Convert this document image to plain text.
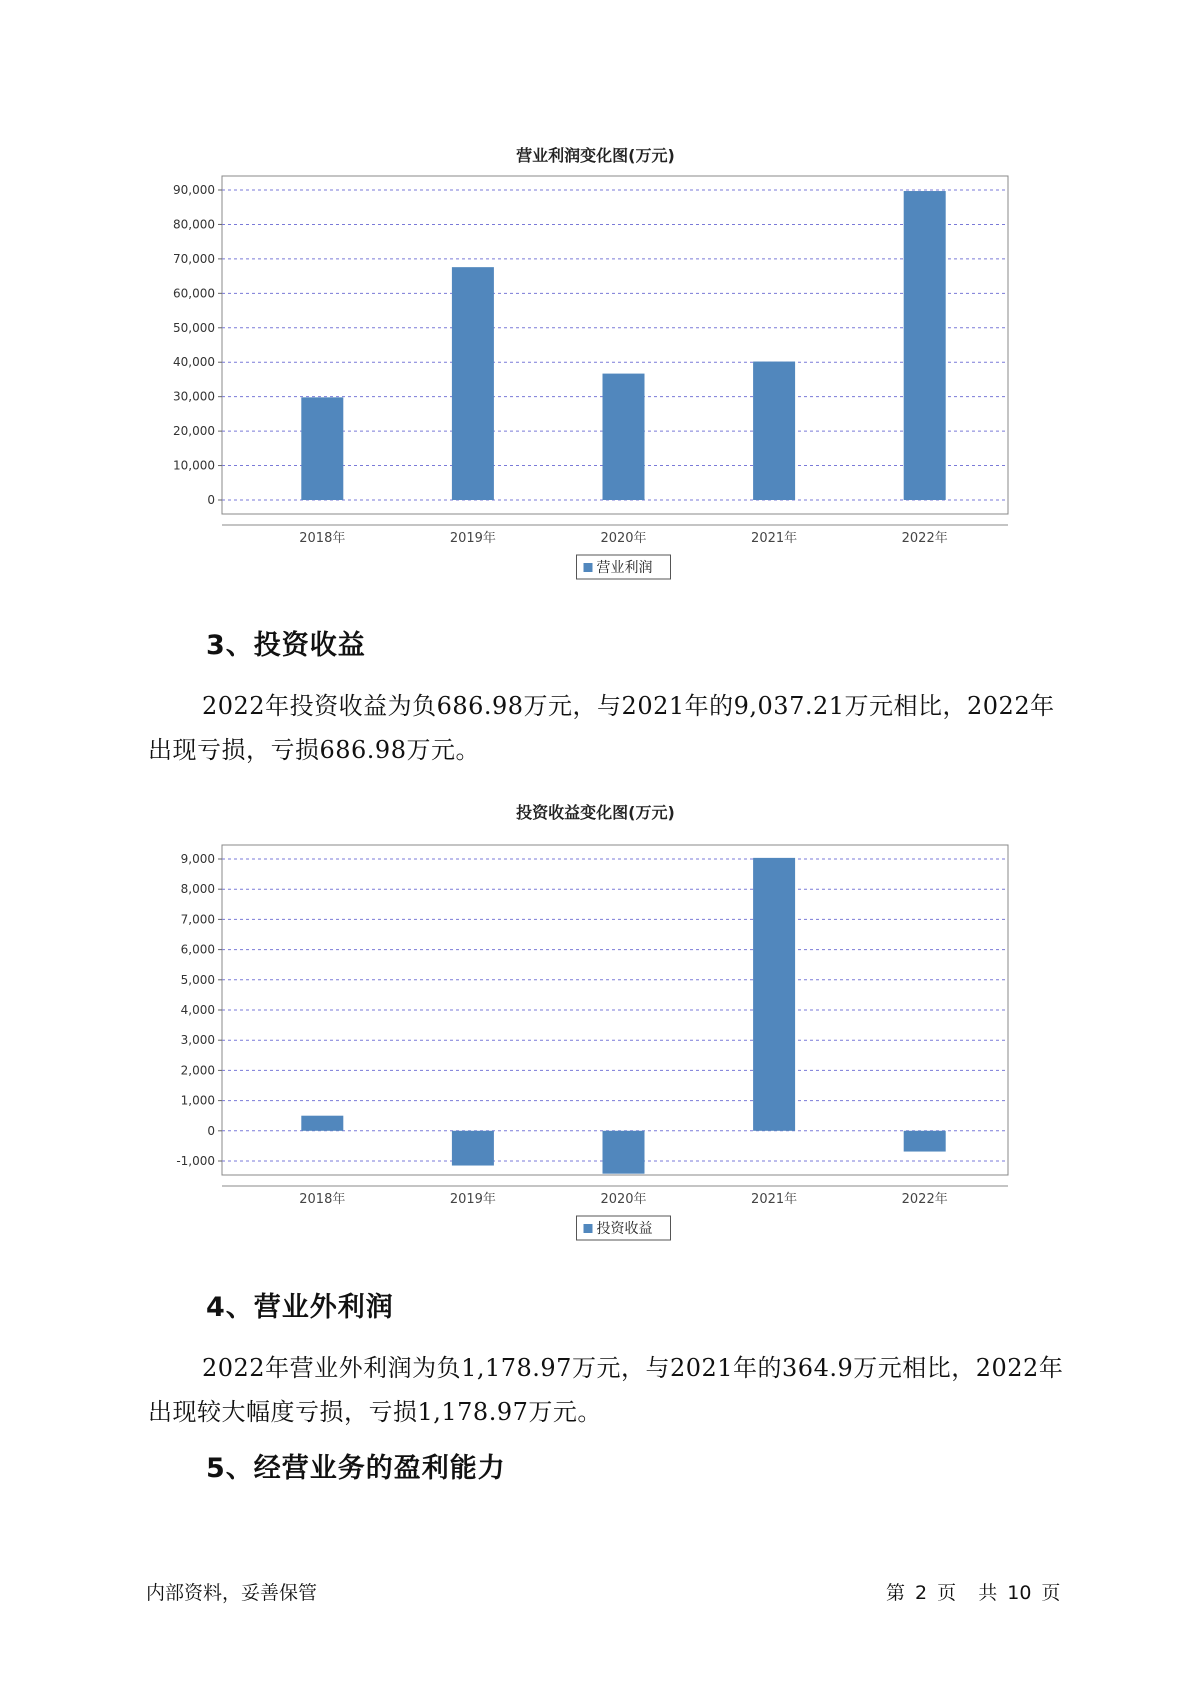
营业利润变化图(万元)
0
10,000
20,000
30,000
40,000
50,000
60,000
70,000
80,000
90,000
2018年	2019年	2020年	2021年	2022年
营业利润
3、投资收益
2022年投资收益为负686.98万元，与2021年的9,037.21万元相比，2022年出现亏损，亏损686.98万元。
投资收益变化图(万元)
-1,000
0
1,000
2,000
3,000
4,000
5,000
6,000
7,000
8,000
9,000
2018年	2019年	2020年	2021年	2022年
投资收益
4、营业外利润
2022年营业外利润为负1,178.97万元，与2021年的364.9万元相比，2022年出现较大幅度亏损，亏损1,178.97万元。
5、经营业务的盈利能力
内部资料，妥善保管	第 2 页 共 10 页
